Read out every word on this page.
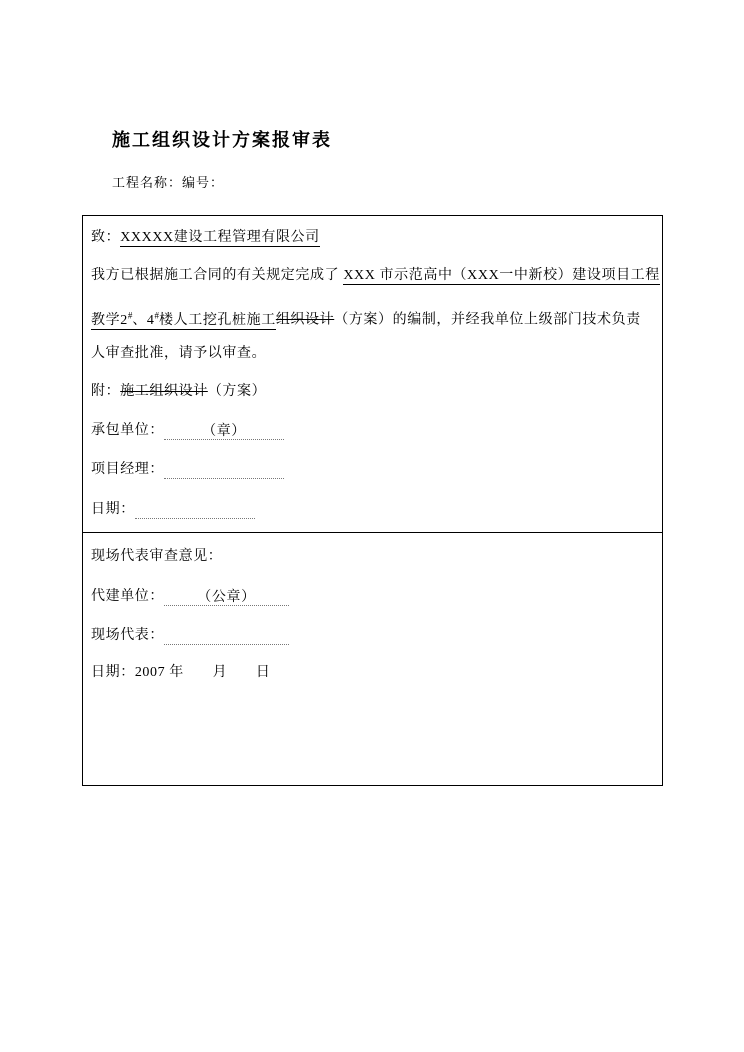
施工组织设计方案报审表
工程名称：编号：
致：XXXXX建设工程管理有限公司
我方已根据施工合同的有关规定完成了 XXX 市示范高中（XXX一中新校）建设项目工程
教学2#、4#楼人工挖孔桩施工组织设计（方案）的编制，并经我单位上级部门技术负责
人审查批准，请予以审查。
附：施工组织设计（方案）
承包单位：	（章）
项目经理：
日期：
现场代表审查意见：
代建单位： （公章）
现场代表：
日期：2007 年       月       日
